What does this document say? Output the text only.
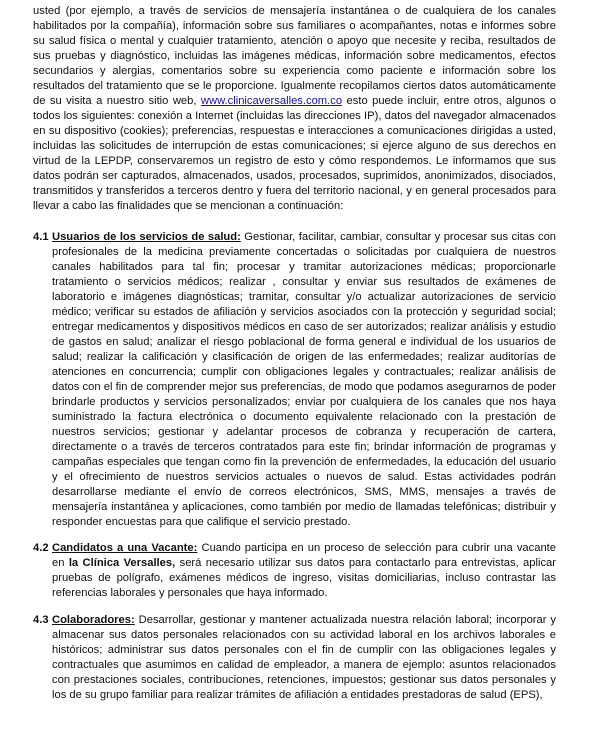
usted (por ejemplo, a través de servicios de mensajería instantánea o de cualquiera de los canales habilitados por la compañía), información sobre sus familiares o acompañantes, notas e informes sobre su salud física o mental y cualquier tratamiento, atención o apoyo que necesite y reciba, resultados de sus pruebas y diagnóstico, incluidas las imágenes médicas, información sobre medicamentos, efectos secundarios y alergias, comentarios sobre su experiencia como paciente e información sobre los resultados del tratamiento que se le proporcione. Igualmente recopilamos ciertos datos automáticamente de su visita a nuestro sitio web, www.clinicaversalles.com.co esto puede incluir, entre otros, algunos o todos los siguientes: conexión a Internet (incluidas las direcciones IP), datos del navegador almacenados en su dispositivo (cookies); preferencias, respuestas e interacciones a comunicaciones dirigidas a usted, incluidas las solicitudes de interrupción de estas comunicaciones; si ejerce alguno de sus derechos en virtud de la LEPDP, conservaremos un registro de esto y cómo respondemos. Le informamos que sus datos podrán ser capturados, almacenados, usados, procesados, suprimidos, anonimizados, disociados, transmitidos y transferidos a terceros dentro y fuera del territorio nacional, y en general procesados para llevar a cabo las finalidades que se mencionan a continuación:

4.1 Usuarios de los servicios de salud: Gestionar, facilitar, cambiar, consultar y procesar sus citas con profesionales de la medicina previamente concertadas o solicitadas por cualquiera de nuestros canales habilitados para tal fin; procesar y tramitar autorizaciones médicas; proporcionarle tratamiento o servicios médicos; realizar , consultar y enviar sus resultados de exámenes de laboratorio e imágenes diagnósticas; tramitar, consultar y/o actualizar autorizaciones de servicio médico; verificar su estados de afiliación y servicios asociados con la protección y seguridad social; entregar medicamentos y dispositivos médicos en caso de ser autorizados; realizar análisis y estudio de gastos en salud; analizar el riesgo poblacional de forma general e individual de los usuarios de salud; realizar la calificación y clasificación de origen de las enfermedades; realizar auditorías de atenciones en concurrencia; cumplir con obligaciones legales y contractuales; realizar análisis de datos con el fin de comprender mejor sus preferencias, de modo que podamos asegurarnos de poder brindarle productos y servicios personalizados; enviar por cualquiera de los canales que nos haya suministrado la factura electrónica o documento equivalente relacionado con la prestación de nuestros servicios; gestionar y adelantar procesos de cobranza y recuperación de cartera, directamente o a través de terceros contratados para este fin; brindar información de programas y campañas especiales que tengan como fin la prevención de enfermedades, la educación del usuario y el ofrecimiento de nuestros servicios actuales o nuevos de salud. Estas actividades podrán desarrollarse mediante el envío de correos electrónicos, SMS, MMS, mensajes a través de mensajería instantánea y aplicaciones, como también por medio de llamadas telefónicas; distribuir y responder encuestas para que califique el servicio prestado.

4.2 Candidatos a una Vacante: Cuando participa en un proceso de selección para cubrir una vacante en la Clínica Versalles, será necesario utilizar sus datos para contactarlo para entrevistas, aplicar pruebas de polígrafo, exámenes médicos de ingreso, visitas domiciliarias, incluso contrastar las referencias laborales y personales que haya informado.

4.3 Colaboradores: Desarrollar, gestionar y mantener actualizada nuestra relación laboral; incorporar y almacenar sus datos personales relacionados con su actividad laboral en los archivos laborales e históricos; administrar sus datos personales con el fin de cumplir con las obligaciones legales y contractuales que asumimos en calidad de empleador, a manera de ejemplo: asuntos relacionados con prestaciones sociales, contribuciones, retenciones, impuestos; gestionar sus datos personales y los de su grupo familiar para realizar trámites de afiliación a entidades prestadoras de salud (EPS),
